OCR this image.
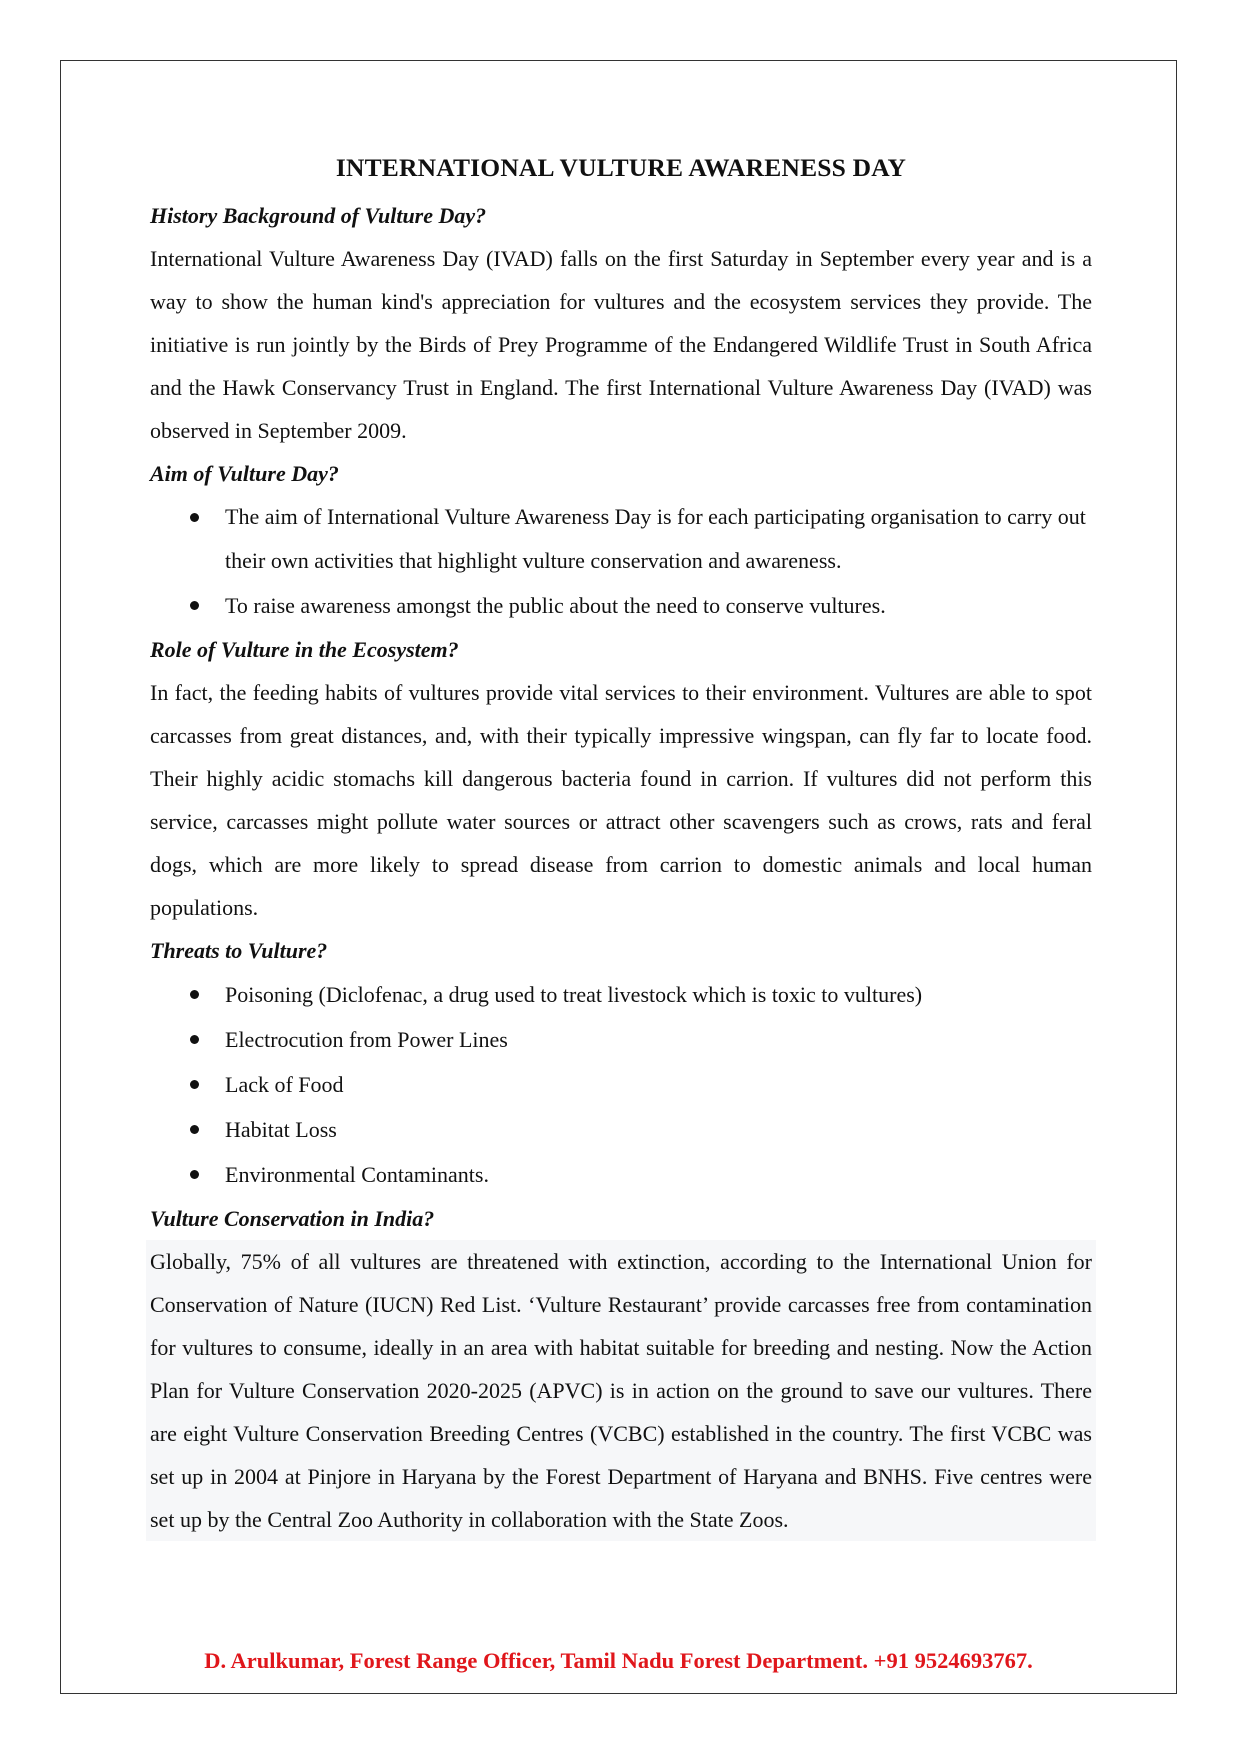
INTERNATIONAL VULTURE AWARENESS DAY
History Background of Vulture Day?

International Vulture Awareness Day (IVAD) falls on the first Saturday in September every year and is a way to show the human kind's appreciation for vultures and the ecosystem services they provide. The initiative is run jointly by the Birds of Prey Programme of the Endangered Wildlife Trust in South Africa and the Hawk Conservancy Trust in England. The first International Vulture Awareness Day (IVAD) was observed in September 2009.

Aim of Vulture Day?
The aim of International Vulture Awareness Day is for each participating organisation to carry out their own activities that highlight vulture conservation and awareness.
To raise awareness amongst the public about the need to conserve vultures.
Role of Vulture in the Ecosystem?

In fact, the feeding habits of vultures provide vital services to their environment. Vultures are able to spot carcasses from great distances, and, with their typically impressive wingspan, can fly far to locate food. Their highly acidic stomachs kill dangerous bacteria found in carrion. If vultures did not perform this service, carcasses might pollute water sources or attract other scavengers such as crows, rats and feral dogs, which are more likely to spread disease from carrion to domestic animals and local human populations.

Threats to Vulture?
Poisoning (Diclofenac, a drug used to treat livestock which is toxic to vultures)
Electrocution from Power Lines
Lack of Food
Habitat Loss
Environmental Contaminants.
Vulture Conservation in India?

Globally, 75% of all vultures are threatened with extinction, according to the International Union for Conservation of Nature (IUCN) Red List. ‘Vulture Restaurant’ provide carcasses free from contamination for vultures to consume, ideally in an area with habitat suitable for breeding and nesting. Now the Action Plan for Vulture Conservation 2020-2025 (APVC) is in action on the ground to save our vultures. There are eight Vulture Conservation Breeding Centres (VCBC) established in the country. The first VCBC was set up in 2004 at Pinjore in Haryana by the Forest Department of Haryana and BNHS. Five centres were set up by the Central Zoo Authority in collaboration with the State Zoos.

D. Arulkumar, Forest Range Officer, Tamil Nadu Forest Department. +91 9524693767.
